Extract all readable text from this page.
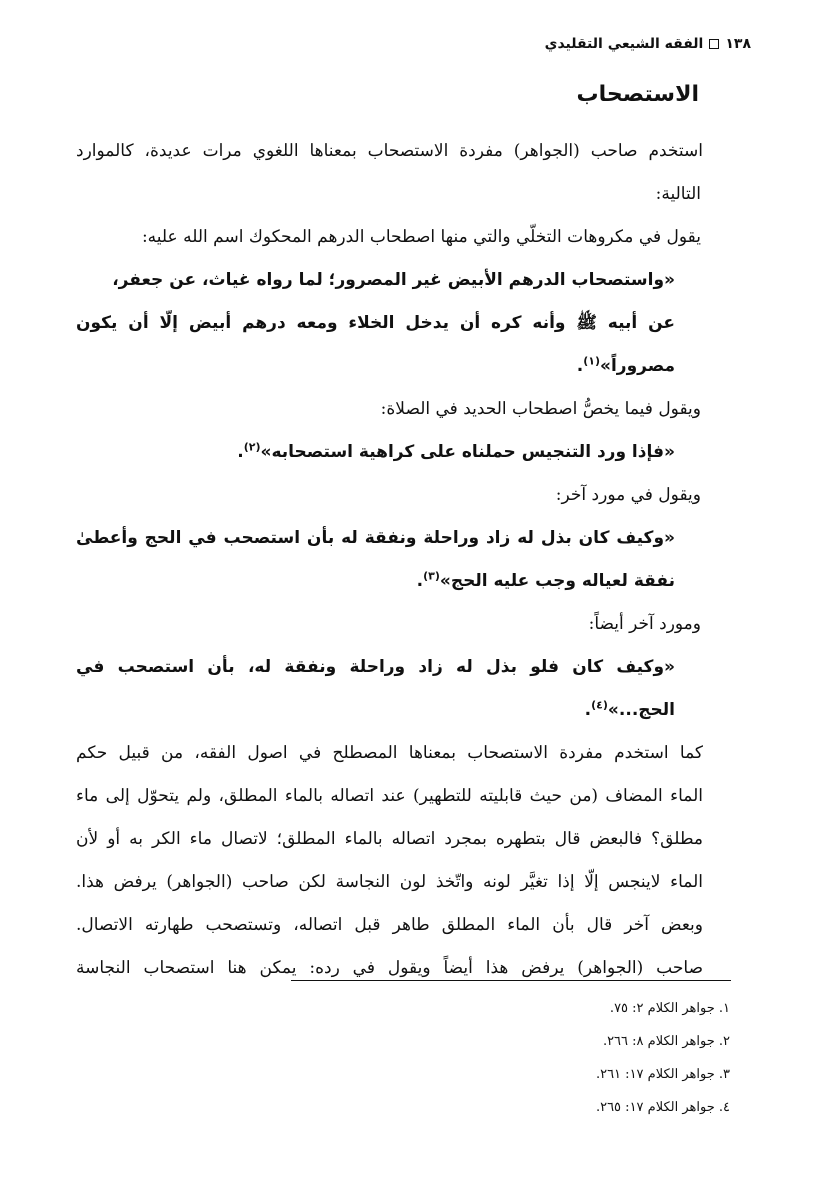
١٣٨
الفقه الشيعي التقليدي
الاستصحاب
استخدم صاحب (الجواهر) مفردة الاستصحاب بمعناها اللغوي مرات عديدة، كالموارد
التالية:
يقول في مكروهات التخلّي والتي منها اصطحاب الدرهم المحكوك اسم الله عليه:
«واستصحاب الدرهم الأبيض غير المصرور؛ لما رواه غياث، عن جعفر،
عن أبيه ﷺ وأنه كره أن يدخل الخلاء ومعه درهم أبيض إلّا أن يكون
مصروراً»$^{(١)}$.
ويقول فيما يخصُّ اصطحاب الحديد في الصلاة:
«فإذا ورد التنجيس حملناه على كراهية استصحابه»$^{(٢)}$.
ويقول في مورد آخر:
«وكيف كان بذل له زاد وراحلة ونفقة له بأن استصحب في الحج وأعطىٰ
نفقة لعياله وجب عليه الحج»$^{(٣)}$.
ومورد آخر أيضاً:
«وكيف كان فلو بذل له زاد وراحلة ونفقة له، بأن استصحب في
الحج...»$^{(٤)}$.
كما استخدم مفردة الاستصحاب بمعناها المصطلح في اصول الفقه، من قبيل حكم
الماء المضاف (من حيث قابليته للتطهير) عند اتصاله بالماء المطلق، ولم يتحوّل إلى ماء
مطلق؟ فالبعض قال بتطهره بمجرد اتصاله بالماء المطلق؛ لاتصال ماء الكر به أو لأن
الماء لاينجس إلّا إذا تغيَّر لونه واتّخذ لون النجاسة لكن صاحب (الجواهر) يرفض هذا.
وبعض آخر قال بأن الماء المطلق طاهر قبل اتصاله، وتستصحب طهارته الاتصال.
صاحب (الجواهر) يرفض هذا أيضاً ويقول في رده: يمكن هنا استصحاب النجاسة
١. جواهر الكلام ٢: ٧٥.
٢. جواهر الكلام ٨: ٢٦٦.
٣. جواهر الكلام ١٧: ٢٦١.
٤. جواهر الكلام ١٧: ٢٦٥.
